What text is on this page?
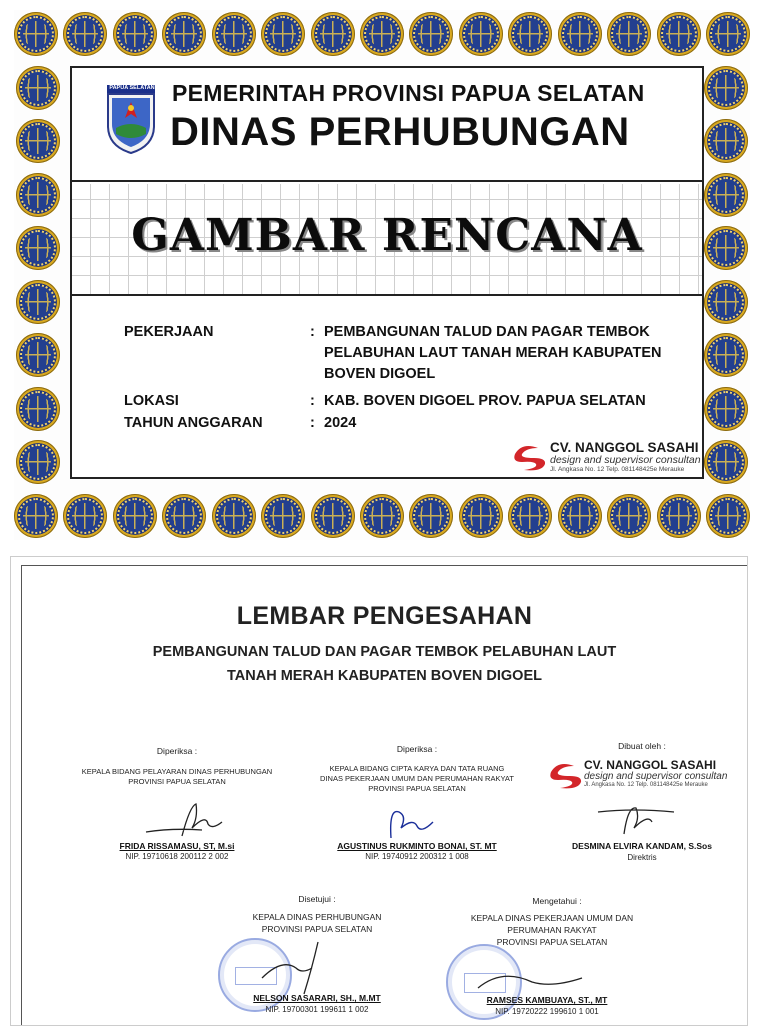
PAPUA SELATAN PEMERINTAH PROVINSI PAPUA SELATAN
DINAS PERHUBUNGAN
GAMBAR RENCANA
PEKERJAAN	: PEMBANGUNAN TALUD DAN PAGAR TEMBOK PELABUHAN LAUT TANAH MERAH KABUPATEN BOVEN DIGOEL
LOKASI	: KAB. BOVEN DIGOEL PROV. PAPUA SELATAN
TAHUN ANGGARAN	: 2024
CV. NANGGOL SASAHI
design and supervisor consultan
Jl. Angkasa No. 12 Telp. 081148425e Merauke
LEMBAR PENGESAHAN
PEMBANGUNAN TALUD DAN PAGAR TEMBOK PELABUHAN LAUT
TANAH MERAH KABUPATEN BOVEN DIGOEL
Diperiksa :
KEPALA BIDANG PELAYARAN DINAS PERHUBUNGAN
PROVINSI PAPUA SELATAN
FRIDA RISSAMASU, ST, M.si
NIP. 19710618 200112 2 002
Diperiksa :
KEPALA BIDANG CIPTA KARYA DAN TATA RUANG
DINAS PEKERJAAN UMUM DAN PERUMAHAN RAKYAT
PROVINSI PAPUA SELATAN
AGUSTINUS RUKMINTO BONAI, ST. MT
NIP. 19740912 200312 1 008
Dibuat oleh :
CV. NANGGOL SASAHI
design and supervisor consultan
Jl. Angkasa No. 12 Telp. 081148425e Merauke
DESMINA ELVIRA KANDAM, S.Sos
Direktris
Disetujui :
KEPALA DINAS PERHUBUNGAN
PROVINSI PAPUA SELATAN
NELSON SASARARI, SH., M.MT
NIP. 19700301 199611 1 002
Mengetahui :
KEPALA DINAS PEKERJAAN UMUM DAN
PERUMAHAN RAKYAT
PROVINSI PAPUA SELATAN
RAMSES KAMBUAYA, ST., MT
NIP. 19720222 199610 1 001
